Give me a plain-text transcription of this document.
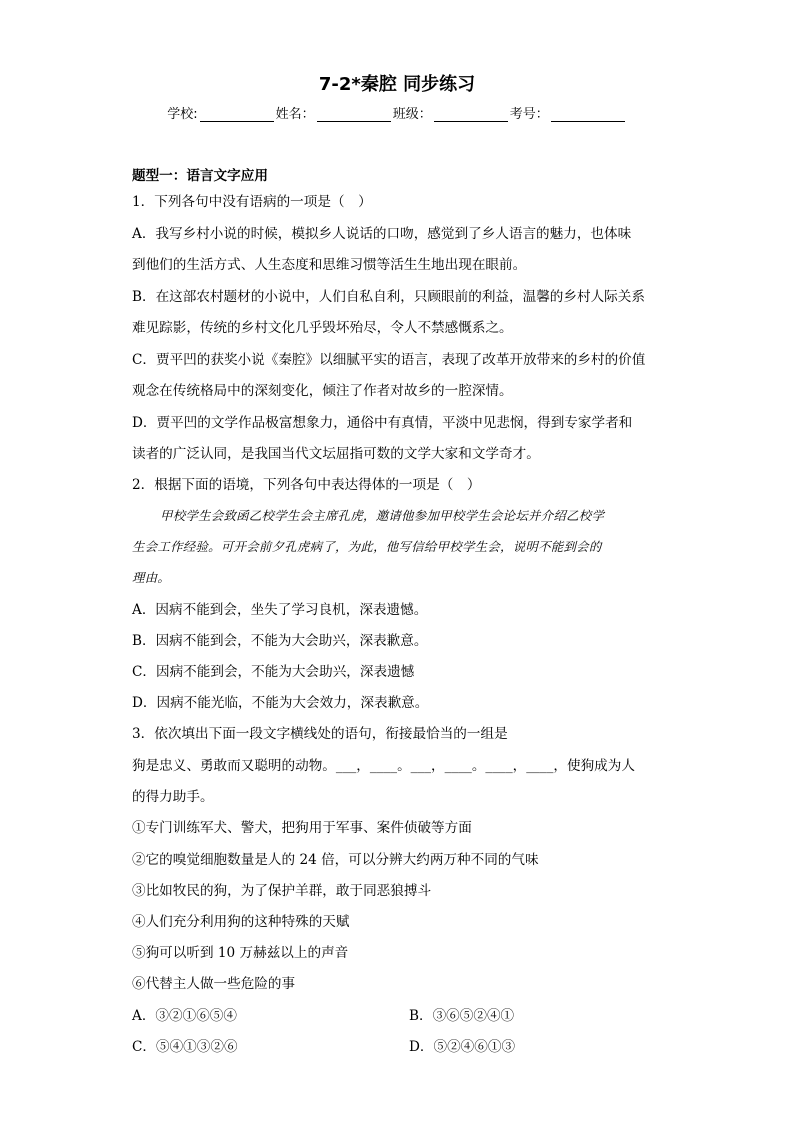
7-2*秦腔 同步练习
学校:	姓名：	班级：	考号：
题型一：语言文字应用
1．下列各句中没有语病的一项是（　）
A．我写乡村小说的时候，模拟乡人说话的口吻，感觉到了乡人语言的魅力，也体味
到他们的生活方式、人生态度和思维习惯等活生生地出现在眼前。
B．在这部农村题材的小说中，人们自私自利，只顾眼前的利益，温馨的乡村人际关系
难见踪影，传统的乡村文化几乎毁坏殆尽，令人不禁感慨系之。
C．贾平凹的获奖小说《秦腔》以细腻平实的语言，表现了改革开放带来的乡村的价值
观念在传统格局中的深刻变化，倾注了作者对故乡的一腔深情。
D．贾平凹的文学作品极富想象力，通俗中有真情，平淡中见悲悯，得到专家学者和
读者的广泛认同，是我国当代文坛屈指可数的文学大家和文学奇才。
2．根据下面的语境，下列各句中表达得体的一项是（　）
甲校学生会致函乙校学生会主席孔虎，邀请他参加甲校学生会论坛并介绍乙校学
生会工作经验。可开会前夕孔虎病了，为此，他写信给甲校学生会，说明不能到会的
理由。
A．因病不能到会，坐失了学习良机，深表遗憾。
B．因病不能到会，不能为大会助兴，深表歉意。
C．因病不能到会，不能为大会助兴，深表遗憾
D．因病不能光临，不能为大会效力，深表歉意。
3．依次填出下面一段文字横线处的语句，衔接最恰当的一组是
狗是忠义、勇敢而又聪明的动物。___，____。___，____。____，____，使狗成为人
的得力助手。
①专门训练军犬、警犬，把狗用于军事、案件侦破等方面
②它的嗅觉细胞数量是人的 24 倍，可以分辨大约两万种不同的气味
③比如牧民的狗，为了保护羊群，敢于同恶狼搏斗
④人们充分利用狗的这种特殊的天赋
⑤狗可以听到 10 万赫兹以上的声音
⑥代替主人做一些危险的事
A．③②①⑥⑤④	B．③⑥⑤②④①
C．⑤④①③②⑥	D．⑤②④⑥①③
